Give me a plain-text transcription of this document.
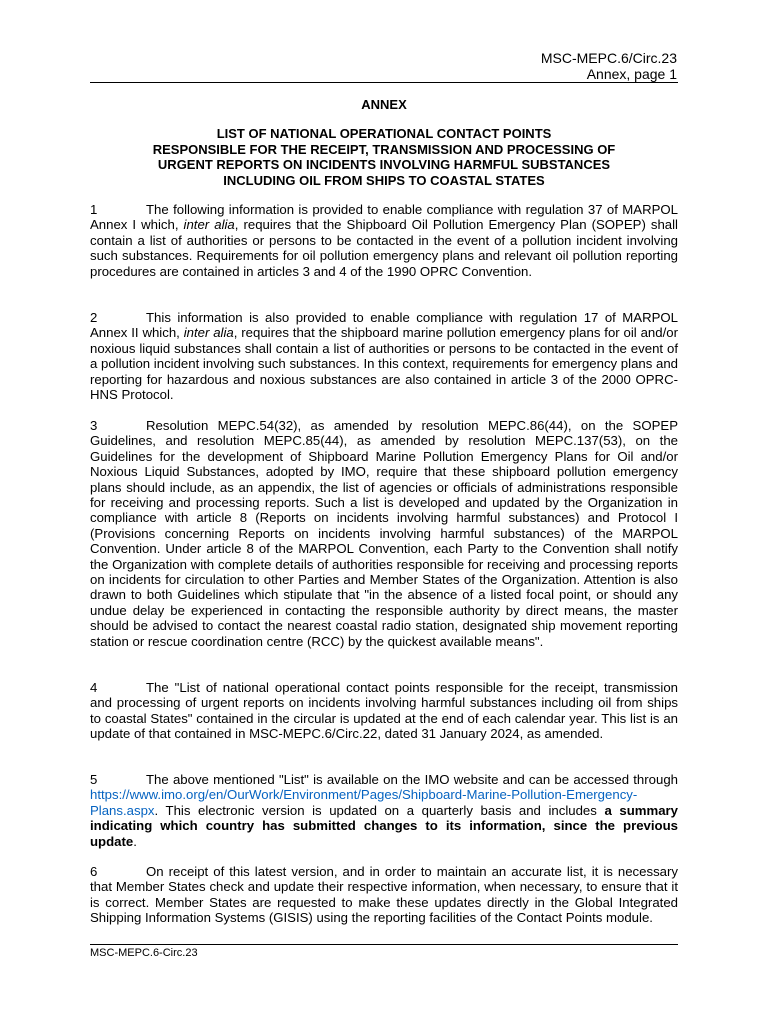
MSC-MEPC.6/Circ.23
Annex, page 1
ANNEX
LIST OF NATIONAL OPERATIONAL CONTACT POINTS
RESPONSIBLE FOR THE RECEIPT, TRANSMISSION AND PROCESSING OF
URGENT REPORTS ON INCIDENTS INVOLVING HARMFUL SUBSTANCES
INCLUDING OIL FROM SHIPS TO COASTAL STATES
1	The following information is provided to enable compliance with regulation 37 of MARPOL Annex I which, inter alia, requires that the Shipboard Oil Pollution Emergency Plan (SOPEP) shall contain a list of authorities or persons to be contacted in the event of a pollution incident involving such substances. Requirements for oil pollution emergency plans and relevant oil pollution reporting procedures are contained in articles 3 and 4 of the 1990 OPRC Convention.
2	This information is also provided to enable compliance with regulation 17 of MARPOL Annex II which, inter alia, requires that the shipboard marine pollution emergency plans for oil and/or noxious liquid substances shall contain a list of authorities or persons to be contacted in the event of a pollution incident involving such substances. In this context, requirements for emergency plans and reporting for hazardous and noxious substances are also contained in article 3 of the 2000 OPRC-HNS Protocol.
3	Resolution MEPC.54(32), as amended by resolution MEPC.86(44), on the SOPEP Guidelines, and resolution MEPC.85(44), as amended by resolution MEPC.137(53), on the Guidelines for the development of Shipboard Marine Pollution Emergency Plans for Oil and/or Noxious Liquid Substances, adopted by IMO, require that these shipboard pollution emergency plans should include, as an appendix, the list of agencies or officials of administrations responsible for receiving and processing reports. Such a list is developed and updated by the Organization in compliance with article 8 (Reports on incidents involving harmful substances) and Protocol I (Provisions concerning Reports on incidents involving harmful substances) of the MARPOL Convention. Under article 8 of the MARPOL Convention, each Party to the Convention shall notify the Organization with complete details of authorities responsible for receiving and processing reports on incidents for circulation to other Parties and Member States of the Organization. Attention is also drawn to both Guidelines which stipulate that "in the absence of a listed focal point, or should any undue delay be experienced in contacting the responsible authority by direct means, the master should be advised to contact the nearest coastal radio station, designated ship movement reporting station or rescue coordination centre (RCC) by the quickest available means".
4	The "List of national operational contact points responsible for the receipt, transmission and processing of urgent reports on incidents involving harmful substances including oil from ships to coastal States" contained in the circular is updated at the end of each calendar year. This list is an update of that contained in MSC-MEPC.6/Circ.22, dated 31 January 2024, as amended.
5	The above mentioned "List" is available on the IMO website and can be accessed through https://www.imo.org/en/OurWork/Environment/Pages/Shipboard-Marine-Pollution-Emergency-Plans.aspx. This electronic version is updated on a quarterly basis and includes a summary indicating which country has submitted changes to its information, since the previous update.
6	On receipt of this latest version, and in order to maintain an accurate list, it is necessary that Member States check and update their respective information, when necessary, to ensure that it is correct. Member States are requested to make these updates directly in the Global Integrated Shipping Information Systems (GISIS) using the reporting facilities of the Contact Points module.
MSC-MEPC.6-Circ.23
